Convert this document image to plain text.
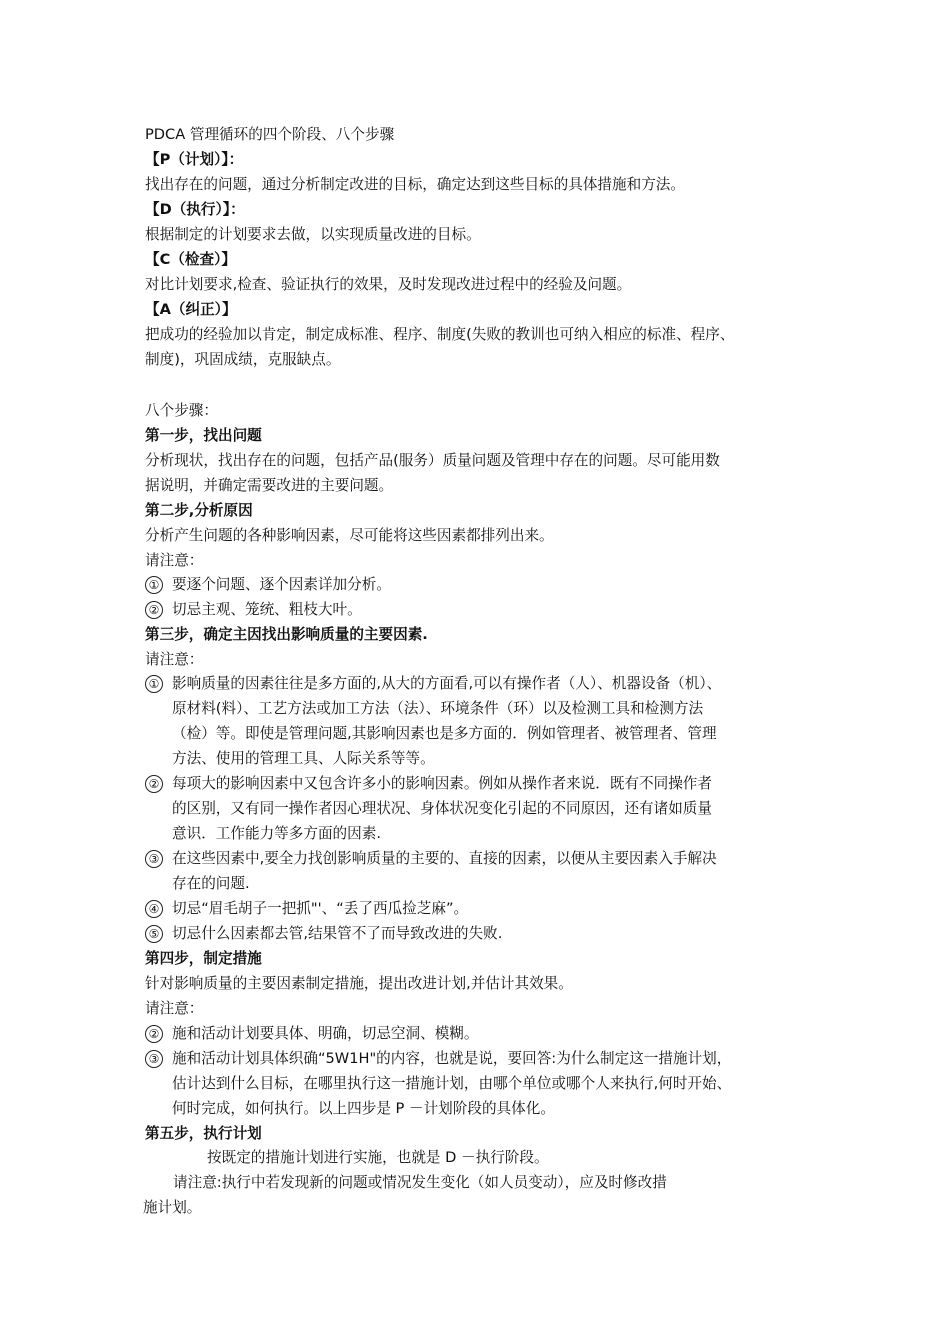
PDCA 管理循环的四个阶段、八个步骤
【P（计划）】：
找出存在的问题，通过分析制定改进的目标，确定达到这些目标的具体措施和方法。
【D（执行）】：
根据制定的计划要求去做，以实现质量改进的目标。
【C（检查）】
对比计划要求,检查、验证执行的效果，及时发现改进过程中的经验及问题。
【A（纠正）】
把成功的经验加以肯定，制定成标准、程序、制度(失败的教训也可纳入相应的标准、程序、
制度)，巩固成绩，克服缺点。
八个步骤：
第一步，找出问题
分析现状，找出存在的问题，包括产品(服务）质量问题及管理中存在的问题。尽可能用数
据说明，并确定需要改进的主要问题。
第二步,分析原因
分析产生问题的各种影响因素，尽可能将这些因素都排列出来。
请注意：
① 要逐个问题、逐个因素详加分析。
② 切忌主观、笼统、粗枝大叶。
第三步，确定主因找出影响质量的主要因素.
请注意：
① 影响质量的因素往往是多方面的,从大的方面看,可以有操作者（人）、机器设备（机）、
原材料(料）、工艺方法或加工方法（法）、环境条件（环）以及检测工具和检测方法
（检）等。即使是管理问题,其影响因素也是多方面的．例如管理者、被管理者、管理
方法、使用的管理工具、人际关系等等。
② 每项大的影响因素中又包含许多小的影响因素。例如从操作者来说．既有不同操作者
的区别，又有同一操作者因心理状况、身体状况变化引起的不同原因，还有诸如质量
意识．工作能力等多方面的因素.
③ 在这些因素中,要全力找创影响质量的主要的、直接的因素，以便从主要因素入手解决
存在的问题.
④ 切忌“眉毛胡子一把抓"'、“丢了西瓜捡芝麻”。
⑤ 切忌什么因素都去管,结果管不了而导致改进的失败.
第四步，制定措施
针对影响质量的主要因素制定措施，提出改进计划,并估计其效果。
请注意：
② 施和活动计划要具体、明确，切忌空洞、模糊。
③ 施和活动计划具体织确“5W1H"的内容，也就是说，要回答:为什么制定这一措施计划，
估计达到什么目标，在哪里执行这一措施计划，由哪个单位或哪个人来执行,何时开始、
何时完成，如何执行。以上四步是 P －计划阶段的具体化。
第五步，执行计划
按既定的措施计划进行实施，也就是 D －执行阶段。
请注意:执行中若发现新的问题或情况发生变化（如人员变动），应及时修改措
施计划。
